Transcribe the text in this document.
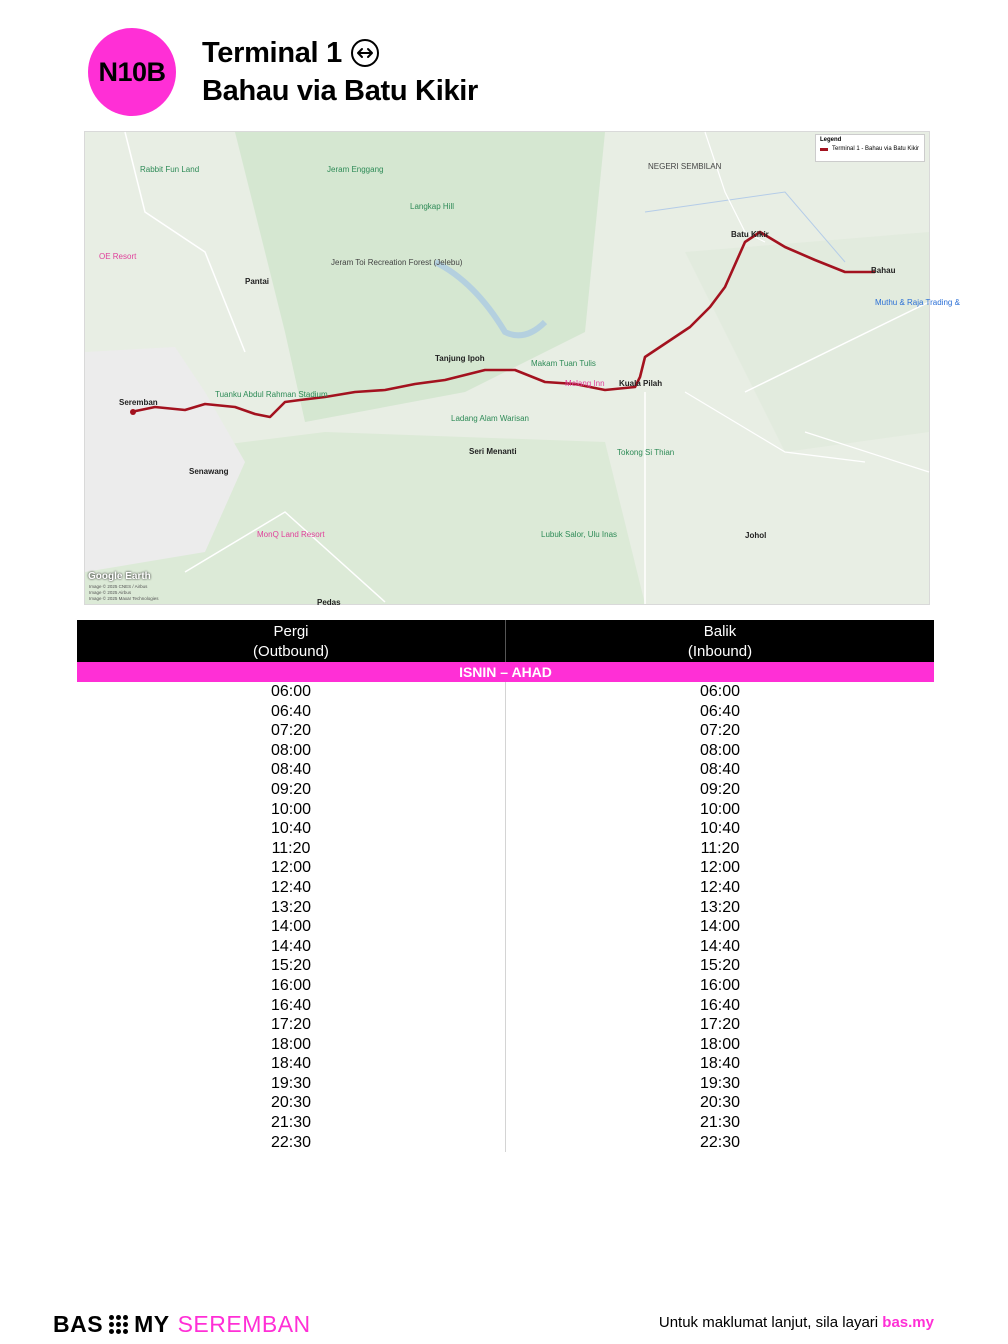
N10B
Terminal 1
Bahau via Batu Kikir
Seremban
Tanjung Ipoh
Kuala Pilah
Batu Kikir
Bahau
Senawang
Seri Menanti
Johol
Pedas
Pantai
NEGERI SEMBILAN
Jeram Enggang
Rabbit Fun Land
Langkap Hill
Makam Tuan Tulis
Melang Inn
Ladang Alam Warisan
Tokong Si Thian
Tuanku Abdul Rahman Stadium
OE Resort
MonQ Land Resort	Lubuk Salor, Ulu Inas
Muthu & Raja Trading &
Jeram Toi Recreation Forest (Jelebu)
Google Earth
Legend
Terminal 1 - Bahau via Batu Kikir
Image © 2025 CNES / Airbus
Image © 2025 Airbus
Image © 2025 Maxar Technologies
Pergi
(Outbound)
Balik
(Inbound)
ISNIN – AHAD
06:00
06:40
07:20
08:00
08:40
09:20
10:00
10:40
11:20
12:00
12:40
13:20
14:00
14:40
15:20
16:00
16:40
17:20
18:00
18:40
19:30
20:30
21:30
22:30
06:00
06:40
07:20
08:00
08:40
09:20
10:00
10:40
11:20
12:00
12:40
13:20
14:00
14:40
15:20
16:00
16:40
17:20
18:00
18:40
19:30
20:30
21:30
22:30
BAS MY SEREMBAN	Untuk maklumat lanjut, sila layari bas.my
